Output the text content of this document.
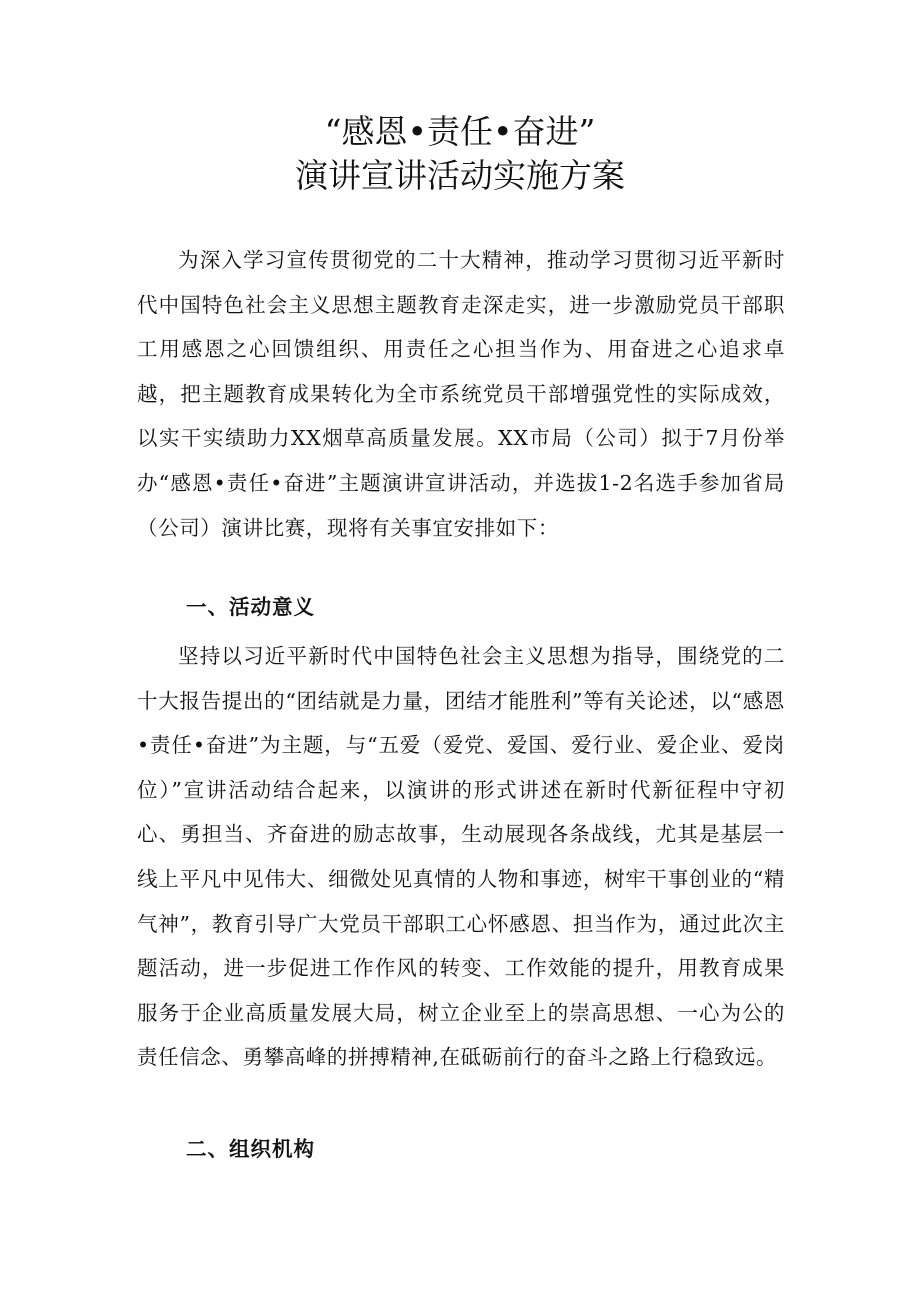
“感恩•责任•奋进”
演讲宣讲活动实施方案

为深入学习宣传贯彻党的二十大精神，推动学习贯彻习近平新时代中国特色社会主义思想主题教育走深走实，进一步激励党员干部职工用感恩之心回馈组织、用责任之心担当作为、用奋进之心追求卓越，把主题教育成果转化为全市系统党员干部增强党性的实际成效，以实干实绩助力XX烟草高质量发展。XX市局（公司）拟于7月份举办“感恩•责任•奋进”主题演讲宣讲活动，并选拔1-2名选手参加省局（公司）演讲比赛，现将有关事宜安排如下：

一、活动意义

坚持以习近平新时代中国特色社会主义思想为指导，围绕党的二十大报告提出的“团结就是力量，团结才能胜利”等有关论述，以“感恩•责任•奋进”为主题，与“五爱（爱党、爱国、爱行业、爱企业、爱岗位）”宣讲活动结合起来，以演讲的形式讲述在新时代新征程中守初心、勇担当、齐奋进的励志故事，生动展现各条战线，尤其是基层一线上平凡中见伟大、细微处见真情的人物和事迹，树牢干事创业的“精气神”，教育引导广大党员干部职工心怀感恩、担当作为，通过此次主题活动，进一步促进工作作风的转变、工作效能的提升，用教育成果服务于企业高质量发展大局，树立企业至上的崇高思想、一心为公的责任信念、勇攀高峰的拼搏精神,在砥砺前行的奋斗之路上行稳致远。

二、组织机构
